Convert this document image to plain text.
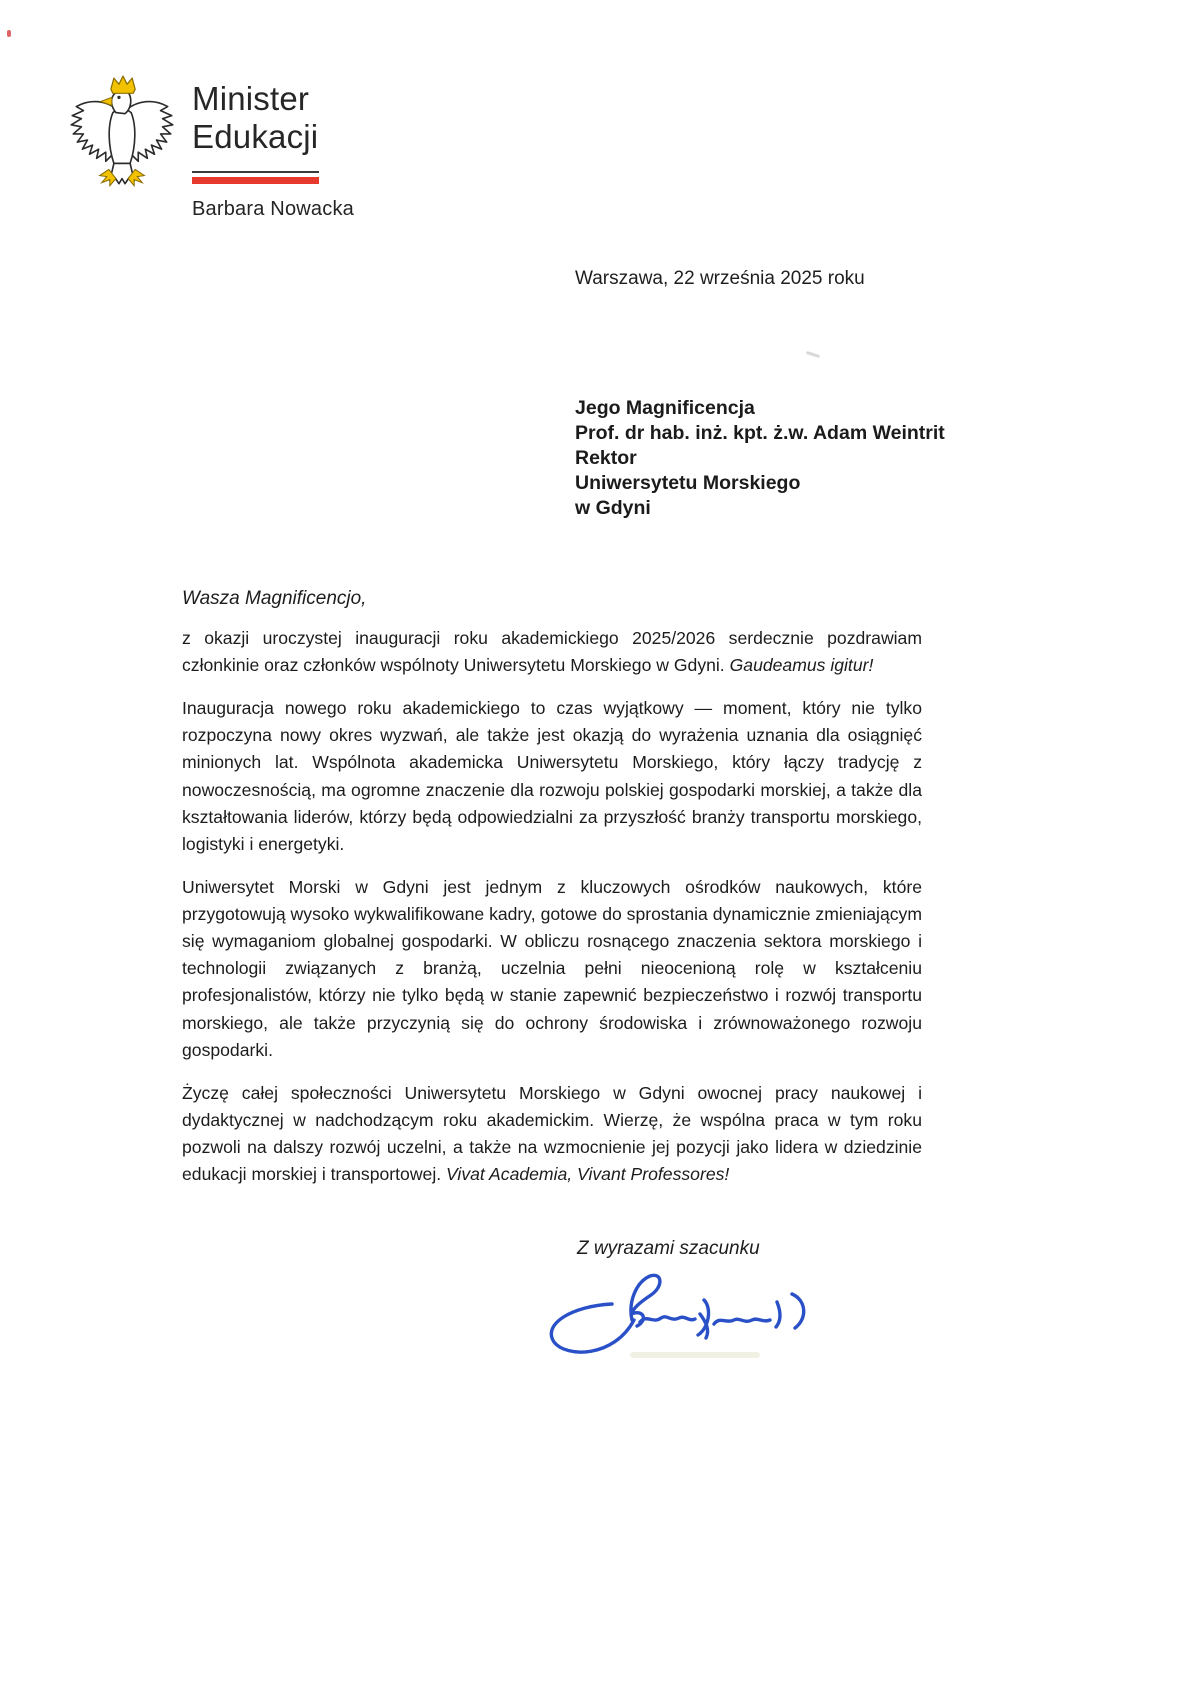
Minister
Edukacji
Barbara Nowacka
Warszawa, 22 września 2025 roku
Jego Magnificencja
Prof. dr hab. inż. kpt. ż.w. Adam Weintrit
Rektor
Uniwersytetu Morskiego
w Gdyni

Wasza Magnificencjo,

z okazji uroczystej inauguracji roku akademickiego 2025/2026 serdecznie pozdrawiam członkinie oraz członków wspólnoty Uniwersytetu Morskiego w Gdyni. Gaudeamus igitur!

Inauguracja nowego roku akademickiego to czas wyjątkowy — moment, który nie tylko rozpoczyna nowy okres wyzwań, ale także jest okazją do wyrażenia uznania dla osiągnięć minionych lat. Wspólnota akademicka Uniwersytetu Morskiego, który łączy tradycję z nowoczesnością, ma ogromne znaczenie dla rozwoju polskiej gospodarki morskiej, a także dla kształtowania liderów, którzy będą odpowiedzialni za przyszłość branży transportu morskiego, logistyki i energetyki.

Uniwersytet Morski w Gdyni jest jednym z kluczowych ośrodków naukowych, które przygotowują wysoko wykwalifikowane kadry, gotowe do sprostania dynamicznie zmieniającym się wymaganiom globalnej gospodarki. W obliczu rosnącego znaczenia sektora morskiego i technologii związanych z branżą, uczelnia pełni nieocenioną rolę w kształceniu profesjonalistów, którzy nie tylko będą w stanie zapewnić bezpieczeństwo i rozwój transportu morskiego, ale także przyczynią się do ochrony środowiska i zrównoważonego rozwoju gospodarki.

Życzę całej społeczności Uniwersytetu Morskiego w Gdyni owocnej pracy naukowej i dydaktycznej w nadchodzącym roku akademickim. Wierzę, że wspólna praca w tym roku pozwoli na dalszy rozwój uczelni, a także na wzmocnienie jej pozycji jako lidera w dziedzinie edukacji morskiej i transportowej. Vivat Academia, Vivant Professores!

Z wyrazami szacunku
